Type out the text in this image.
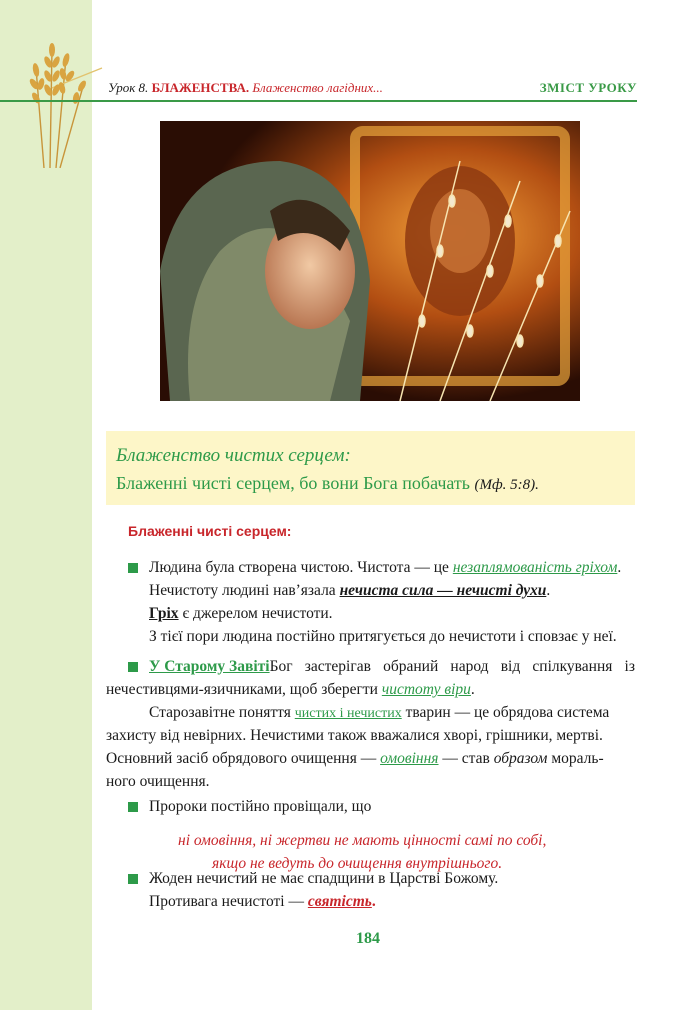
Урок 8. БЛАЖЕНСТВА. Блаженство лагідних...	ЗМІСТ УРОКУ
Блаженство чистих серцем:
Блаженні чисті серцем, бо вони Бога побачать (Мф. 5:8).
Блаженні чисті серцем:
Людина була створена чистою. Чистота — це незаплямованість гріхом.
Нечистоту людині нав’язала нечиста сила — нечисті духи.
Гріх є джерелом нечистоти.
З тієї пори людина постійно притягується до нечистоти і сповзає у неї.
У Старому Завіті Бог застерігав обраний народ від спілкування із
нечестивцями-язичниками, щоб зберегти чистоту віри.
Старозавітне поняття чистих і нечистих тварин — це обрядова система
захисту від невірних. Нечистими також вважалися хворі, грішники, мертві.
Основний засіб обрядового очищення — омовіння — став образом мораль-
ного очищення.
Пророки постійно провіщали, що
ні омовіння, ні жертви не мають цінності самі по собі,
якщо не ведуть до очищення внутрішнього.
Жоден нечистий не має спадщини в Царстві Божому.
Противага нечистоті — святість.
184
